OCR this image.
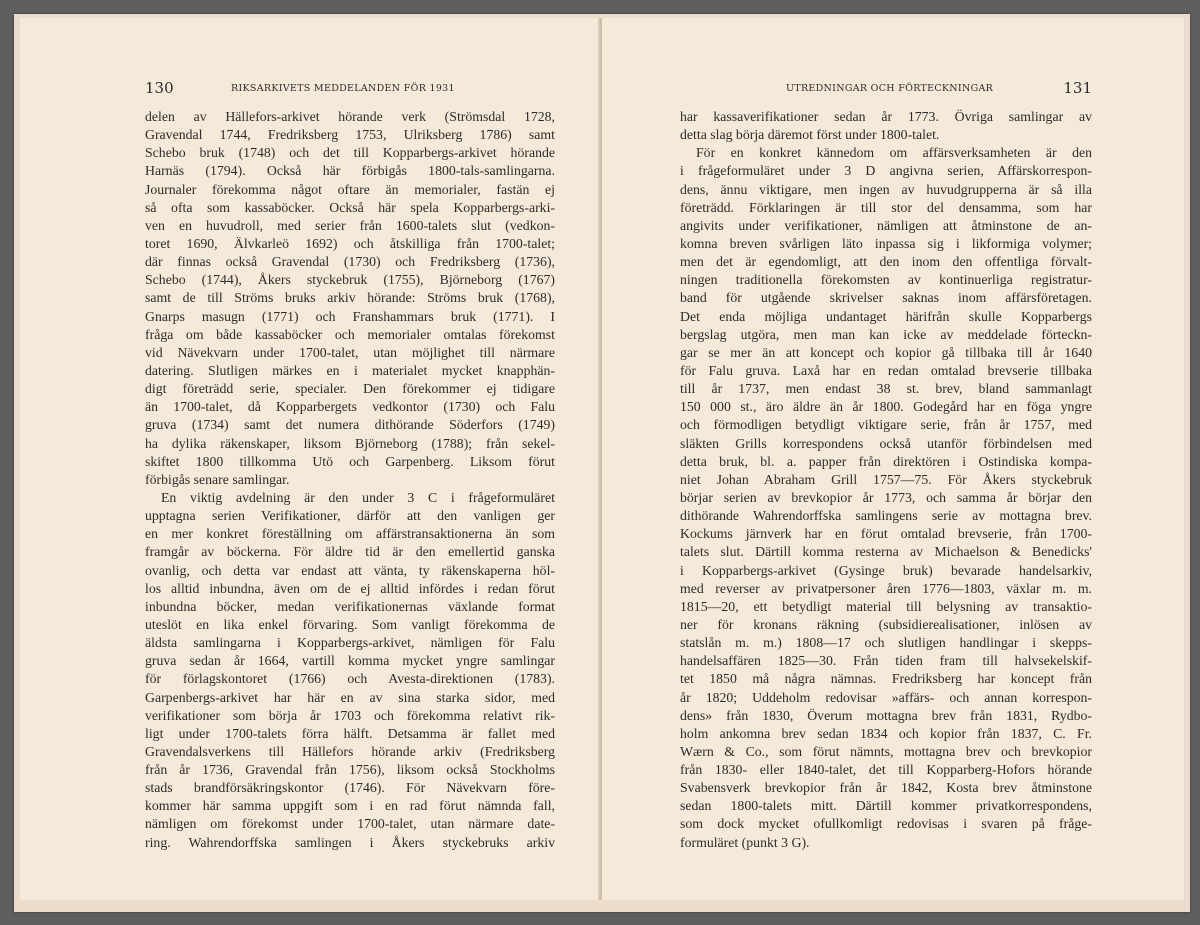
130	RIKSARKIVETS MEDDELANDEN FÖR 1931
delen av Hällefors-arkivet hörande verk (Strömsdal 1728,
Gravendal 1744, Fredriksberg 1753, Ulriksberg 1786) samt
Schebo bruk (1748) och det till Kopparbergs-arkivet hörande
Harnäs (1794). Också här förbigås 1800-tals-samlingarna.
Journaler förekomma något oftare än memorialer, fastän ej
så ofta som kassaböcker. Också här spela Kopparbergs-arki-
ven en huvudroll, med serier från 1600-talets slut (vedkon-
toret 1690, Älvkarleö 1692) och åtskilliga från 1700-talet;
där finnas också Gravendal (1730) och Fredriksberg (1736),
Schebo (1744), Åkers styckebruk (1755), Björneborg (1767)
samt de till Ströms bruks arkiv hörande: Ströms bruk (1768),
Gnarps masugn (1771) och Franshammars bruk (1771). I
fråga om både kassaböcker och memorialer omtalas förekomst
vid Nävekvarn under 1700-talet, utan möjlighet till närmare
datering. Slutligen märkes en i materialet mycket knapphän-
digt företrädd serie, specialer. Den förekommer ej tidigare
än 1700-talet, då Kopparbergets vedkontor (1730) och Falu
gruva (1734) samt det numera dithörande Söderfors (1749)
ha dylika räkenskaper, liksom Björneborg (1788); från sekel-
skiftet 1800 tillkomma Utö och Garpenberg. Liksom förut
förbigås senare samlingar.
En viktig avdelning är den under 3 C i frågeformuläret
upptagna serien Verifikationer, därför att den vanligen ger
en mer konkret föreställning om affärstransaktionerna än som
framgår av böckerna. För äldre tid är den emellertid ganska
ovanlig, och detta var endast att vänta, ty räkenskaperna höl-
los alltid inbundna, även om de ej alltid infördes i redan förut
inbundna böcker, medan verifikationernas växlande format
uteslöt en lika enkel förvaring. Som vanligt förekomma de
äldsta samlingarna i Kopparbergs-arkivet, nämligen för Falu
gruva sedan år 1664, vartill komma mycket yngre samlingar
för förlagskontoret (1766) och Avesta-direktionen (1783).
Garpenbergs-arkivet har här en av sina starka sidor, med
verifikationer som börja år 1703 och förekomma relativt rik-
ligt under 1700-talets förra hälft. Detsamma är fallet med
Gravendalsverkens till Hällefors hörande arkiv (Fredriksberg
från år 1736, Gravendal från 1756), liksom också Stockholms
stads brandförsäkringskontor (1746). För Nävekvarn före-
kommer här samma uppgift som i en rad förut nämnda fall,
nämligen om förekomst under 1700-talet, utan närmare date-
ring. Wahrendorffska samlingen i Åkers styckebruks arkiv
UTREDNINGAR OCH FÖRTECKNINGAR	131
har kassaverifikationer sedan år 1773. Övriga samlingar av
detta slag börja däremot först under 1800-talet.
För en konkret kännedom om affärsverksamheten är den
i frågeformuläret under 3 D angivna serien, Affärskorrespon-
dens, ännu viktigare, men ingen av huvudgrupperna är så illa
företrädd. Förklaringen är till stor del densamma, som har
angivits under verifikationer, nämligen att åtminstone de an-
komna breven svårligen läto inpassa sig i likformiga volymer;
men det är egendomligt, att den inom den offentliga förvalt-
ningen traditionella förekomsten av kontinuerliga registratur-
band för utgående skrivelser saknas inom affärsföretagen.
Det enda möjliga undantaget härifrån skulle Kopparbergs
bergslag utgöra, men man kan icke av meddelade förteckn-
gar se mer än att koncept och kopior gå tillbaka till år 1640
för Falu gruva. Laxå har en redan omtalad brevserie tillbaka
till år 1737, men endast 38 st. brev, bland sammanlagt
150 000 st., äro äldre än år 1800. Godegård har en föga yngre
och förmodligen betydligt viktigare serie, från år 1757, med
släkten Grills korrespondens också utanför förbindelsen med
detta bruk, bl. a. papper från direktören i Ostindiska kompa-
niet Johan Abraham Grill 1757—75. För Åkers styckebruk
börjar serien av brevkopior år 1773, och samma år börjar den
dithörande Wahrendorffska samlingens serie av mottagna brev.
Kockums järnverk har en förut omtalad brevserie, från 1700-
talets slut. Därtill komma resterna av Michaelson & Benedicks'
i Kopparbergs-arkivet (Gysinge bruk) bevarade handelsarkiv,
med reverser av privatpersoner åren 1776—1803, växlar m. m.
1815—20, ett betydligt material till belysning av transaktio-
ner för kronans räkning (subsidierealisationer, inlösen av
statslån m. m.) 1808—17 och slutligen handlingar i skepps-
handelsaffären 1825—30. Från tiden fram till halvsekelskif-
tet 1850 må några nämnas. Fredriksberg har koncept från
år 1820; Uddeholm redovisar »affärs- och annan korrespon-
dens» från 1830, Överum mottagna brev från 1831, Rydbo-
holm ankomna brev sedan 1834 och kopior från 1837, C. Fr.
Wærn & Co., som förut nämnts, mottagna brev och brevkopior
från 1830- eller 1840-talet, det till Kopparberg-Hofors hörande
Svabensverk brevkopior från år 1842, Kosta brev åtminstone
sedan 1800-talets mitt. Därtill kommer privatkorrespondens,
som dock mycket ofullkomligt redovisas i svaren på fråge-
formuläret (punkt 3 G).
